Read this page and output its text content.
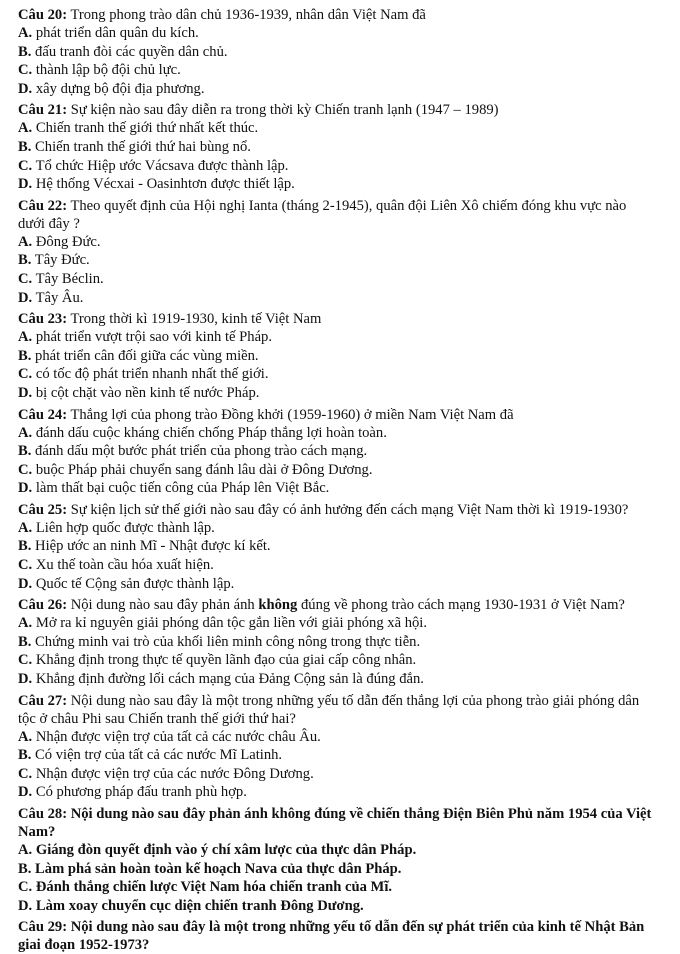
Câu 20: Trong phong trào dân chủ 1936-1939, nhân dân Việt Nam đã

A. phát triển dân quân du kích.

B. đấu tranh đòi các quyền dân chủ.

C. thành lập bộ đội chủ lực.

D. xây dựng bộ đội địa phương.

Câu 21: Sự kiện nào sau đây diễn ra trong thời kỳ Chiến tranh lạnh (1947 – 1989)

A. Chiến tranh thế giới thứ nhất kết thúc.

B. Chiến tranh thế giới thứ hai bùng nổ.

C. Tổ chức Hiệp ước Vácsava được thành lập.

D. Hệ thống Vécxai - Oasinhtơn được thiết lập.

Câu 22: Theo quyết định của Hội nghị Ianta (tháng 2-1945), quân đội Liên Xô chiếm đóng khu vực nào dưới đây ?

A. Đông Đức.

B. Tây Đức.

C. Tây Béclin.

D. Tây Âu.

Câu 23: Trong thời kì 1919-1930, kinh tế Việt Nam

A. phát triển vượt trội sao với kinh tế Pháp.

B. phát triển cân đối giữa các vùng miền.

C. có tốc độ phát triển nhanh nhất thế giới.

D. bị cột chặt vào nền kinh tế nước Pháp.

Câu 24: Thắng lợi của phong trào Đồng khởi (1959-1960) ở miền Nam Việt Nam đã

A. đánh dấu cuộc kháng chiến chống Pháp thắng lợi hoàn toàn.

B. đánh dấu một bước phát triển của phong trào cách mạng.

C. buộc Pháp phải chuyển sang đánh lâu dài ở Đông Dương.

D. làm thất bại cuộc tiến công của Pháp lên Việt Bắc.

Câu 25: Sự kiện lịch sử thế giới nào sau đây có ảnh hưởng đến cách mạng Việt Nam thời kì 1919-1930?

A. Liên hợp quốc được thành lập.

B. Hiệp ước an ninh Mĩ - Nhật được kí kết.

C. Xu thế toàn cầu hóa xuất hiện.

D. Quốc tế Cộng sản được thành lập.

Câu 26: Nội dung nào sau đây phản ánh không đúng về phong trào cách mạng 1930-1931 ở Việt Nam?

A. Mở ra kỉ nguyên giải phóng dân tộc gắn liền với giải phóng xã hội.

B. Chứng minh vai trò của khối liên minh công nông trong thực tiễn.

C. Khẳng định trong thực tế quyền lãnh đạo của giai cấp công nhân.

D. Khẳng định đường lối cách mạng của Đảng Cộng sản là đúng đắn.

Câu 27: Nội dung nào sau đây là một trong những yếu tố dẫn đến thắng lợi của phong trào giải phóng dân tộc ở châu Phi sau Chiến tranh thế giới thứ hai?

A. Nhận được viện trợ của tất cả các nước châu Âu.

B. Có viện trợ của tất cả các nước Mĩ Latinh.

C. Nhận được viện trợ của các nước Đông Dương.

D. Có phương pháp đấu tranh phù hợp.

Câu 28: Nội dung nào sau đây phản ánh không đúng về chiến thắng Điện Biên Phủ năm 1954 của Việt Nam?

A. Giáng đòn quyết định vào ý chí xâm lược của thực dân Pháp.

B. Làm phá sản hoàn toàn kế hoạch Nava của thực dân Pháp.

C. Đánh thắng chiến lược Việt Nam hóa chiến tranh của Mĩ.

D. Làm xoay chuyển cục diện chiến tranh Đông Dương.

Câu 29: Nội dung nào sau đây là một trong những yếu tố dẫn đến sự phát triển của kinh tế Nhật Bản giai đoạn 1952-1973?
